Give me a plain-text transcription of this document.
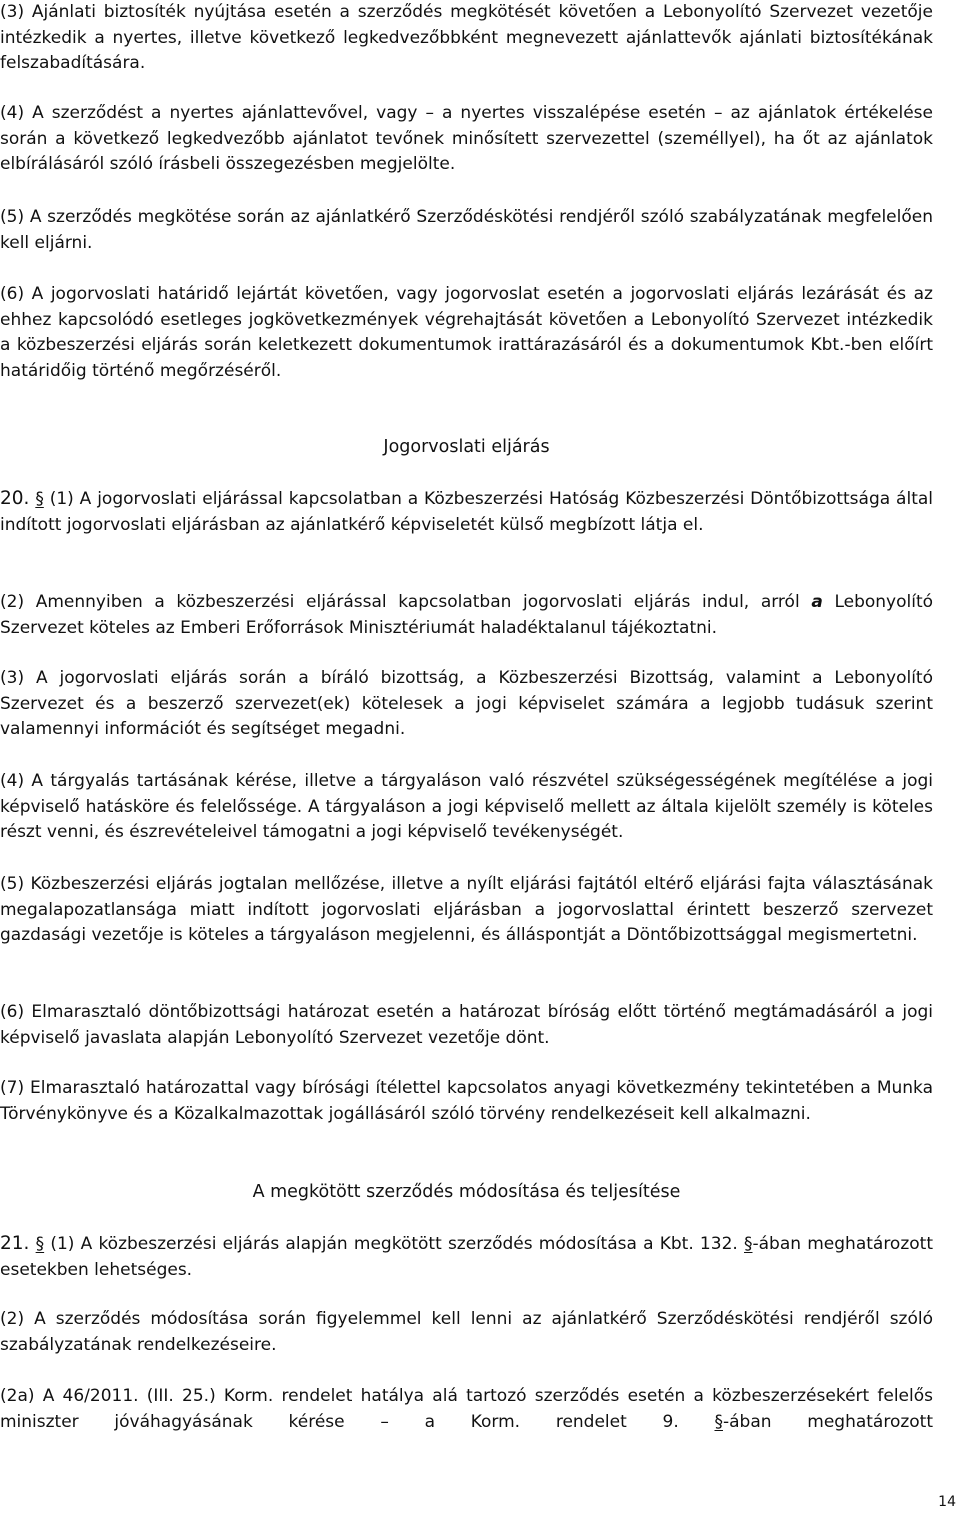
(3) Ajánlati biztosíték nyújtása esetén a szerződés megkötését követően a Lebonyolító Szervezet vezetője intézkedik a nyertes, illetve következő legkedvezőbbként megnevezett ajánlattevők ajánlati biztosítékának felszabadítására.

(4) A szerződést a nyertes ajánlattevővel, vagy – a nyertes visszalépése esetén – az ajánlatok értékelése során a következő legkedvezőbb ajánlatot tevőnek minősített szervezettel (személlyel), ha őt az ajánlatok elbírálásáról szóló írásbeli összegezésben megjelölte.

(5) A szerződés megkötése során az ajánlatkérő Szerződéskötési rendjéről szóló szabályzatának megfelelően kell eljárni.

(6) A jogorvoslati határidő lejártát követően, vagy jogorvoslat esetén a jogorvoslati eljárás lezárását és az ehhez kapcsolódó esetleges jogkövetkezmények végrehajtását követően a Lebonyolító Szervezet intézkedik a közbeszerzési eljárás során keletkezett dokumentumok irattárazásáról és a dokumentumok Kbt.-ben előírt határidőig történő megőrzéséről.

Jogorvoslati eljárás

20. § (1) A jogorvoslati eljárással kapcsolatban a Közbeszerzési Hatóság Közbeszerzési Döntőbizottsága által indított jogorvoslati eljárásban az ajánlatkérő képviseletét külső megbízott látja el.

(2) Amennyiben a közbeszerzési eljárással kapcsolatban jogorvoslati eljárás indul, arról a Lebonyolító Szervezet köteles az Emberi Erőforrások Minisztériumát haladéktalanul tájékoztatni.

(3) A jogorvoslati eljárás során a bíráló bizottság, a Közbeszerzési Bizottság, valamint a Lebonyolító Szervezet és a beszerző szervezet(ek) kötelesek a jogi képviselet számára a legjobb tudásuk szerint valamennyi információt és segítséget megadni.

(4) A tárgyalás tartásának kérése, illetve a tárgyaláson való részvétel szükségességének megítélése a jogi képviselő hatásköre és felelőssége. A tárgyaláson a jogi képviselő mellett az általa kijelölt személy is köteles részt venni, és észrevételeivel támogatni a jogi képviselő tevékenységét.

(5) Közbeszerzési eljárás jogtalan mellőzése, illetve a nyílt eljárási fajtától eltérő eljárási fajta választásának megalapozatlansága miatt indított jogorvoslati eljárásban a jogorvoslattal érintett beszerző szervezet gazdasági vezetője is köteles a tárgyaláson megjelenni, és álláspontját a Döntőbizottsággal megismertetni.

(6) Elmarasztaló döntőbizottsági határozat esetén a határozat bíróság előtt történő megtámadásáról a jogi képviselő javaslata alapján Lebonyolító Szervezet vezetője dönt.

(7) Elmarasztaló határozattal vagy bírósági ítélettel kapcsolatos anyagi következmény tekintetében a Munka Törvénykönyve és a Közalkalmazottak jogállásáról szóló törvény rendelkezéseit kell alkalmazni.

A megkötött szerződés módosítása és teljesítése

21. § (1) A közbeszerzési eljárás alapján megkötött szerződés módosítása a Kbt. 132. §-ában meghatározott esetekben lehetséges.

(2) A szerződés módosítása során figyelemmel kell lenni az ajánlatkérő Szerződéskötési rendjéről szóló szabályzatának rendelkezéseire.

(2a) A 46/2011. (III. 25.) Korm. rendelet hatálya alá tartozó szerződés esetén a közbeszerzésekért felelős miniszter jóváhagyásának kérése – a Korm. rendelet 9. §-ában meghatározott

14
